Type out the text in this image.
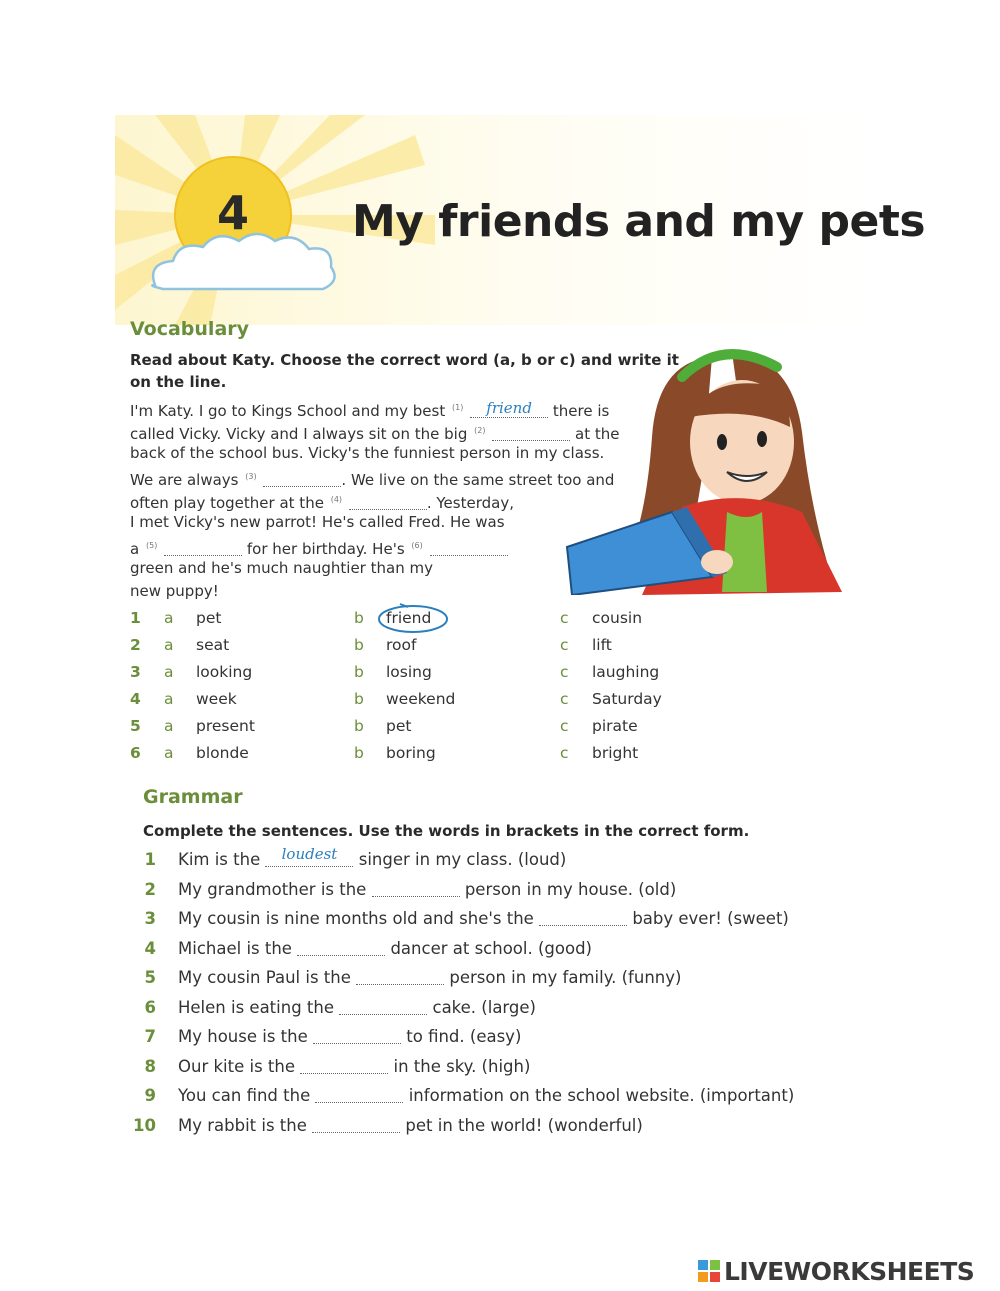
4 My friends and my pets
Vocabulary
Read about Katy. Choose the correct word (a, b or c) and write it
on the line.
I'm Katy. I go to Kings School and my best $^{(1)}$	friend	there is
called Vicky. Vicky and I always sit on the big $^{(2)}$	at the
back of the school bus. Vicky's the funniest person in my class.
We are always $^{(3)}$	. We live on the same street too and
often play together at the $^{(4)}$	. Yesterday,
I met Vicky's new parrot! He's called Fred. He was
a $^{(5)}$	for her birthday. He's $^{(6)}$
green and he's much naughtier than my
new puppy!
1 a pet	b friend	c cousin
2 a seat	b roof	c lift
3 a looking	b losing	c laughing
4 a week	b weekend	c Saturday
5 a present	b pet	c pirate
6 a blonde	b boring	c bright
Grammar
Complete the sentences. Use the words in brackets in the correct form.
1 Kim is the	loudest	singer in my class. (loud)
2 My grandmother is the	person in my house. (old)
3 My cousin is nine months old and she's the	baby ever! (sweet)
4 Michael is the	dancer at school. (good)
5 My cousin Paul is the	person in my family. (funny)
6 Helen is eating the	cake. (large)
7 My house is the	to find. (easy)
8 Our kite is the	in the sky. (high)
9 You can find the	information on the school website. (important)
10 My rabbit is the	pet in the world! (wonderful)
LIVEWORKSHEETS
